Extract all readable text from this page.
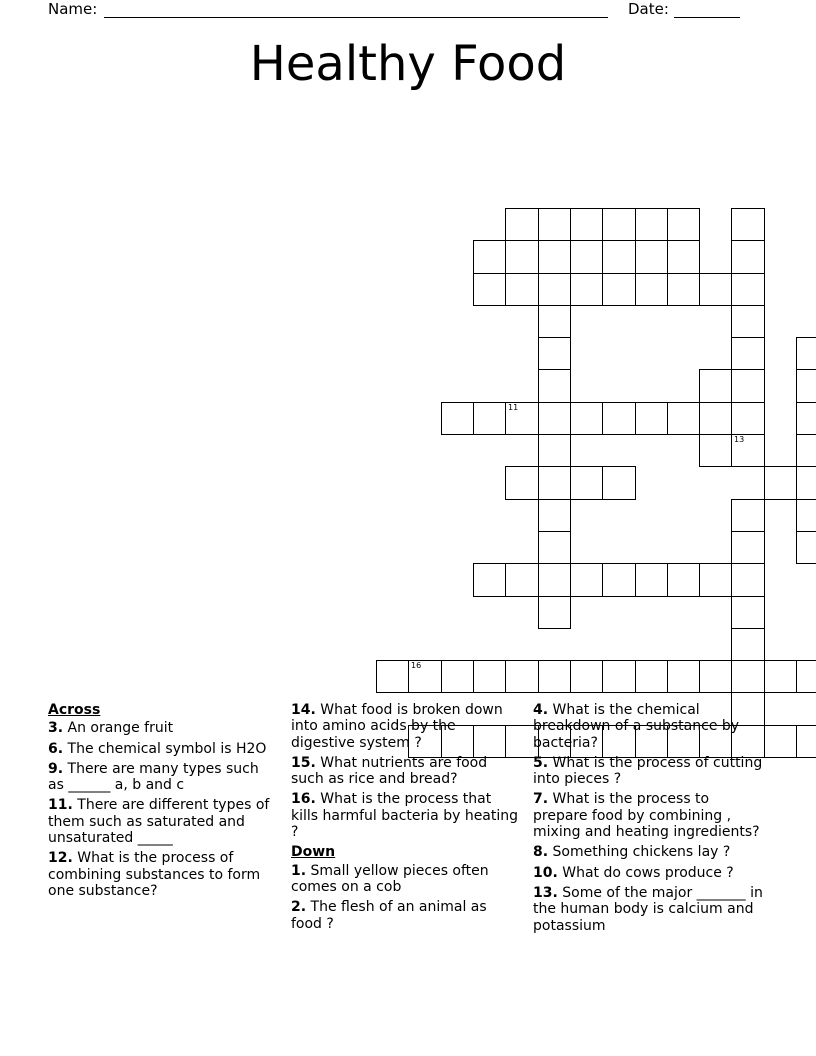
Name:	Date:
Healthy Food
11
13
16
Across
3. An orange fruit
6. The chemical symbol is H2O
9. There are many types such as ______ a, b and c
11. There are different types of them such as saturated and unsaturated _____
12. What is the process of combining substances to form one substance?
14. What food is broken down into amino acids by the digestive system ?
15. What nutrients are food such as rice and bread?
16. What is the process that kills harmful bacteria by heating ?
Down
1. Small yellow pieces often comes on a cob
2. The flesh of an animal as food ?
4. What is the chemical breakdown of a substance by bacteria?
5. What is the process of cutting into pieces ?
7. What is the process to prepare food by combining , mixing and heating ingredients?
8. Something chickens lay ?
10. What do cows produce ?
13. Some of the major _______ in the human body is calcium and potassium
